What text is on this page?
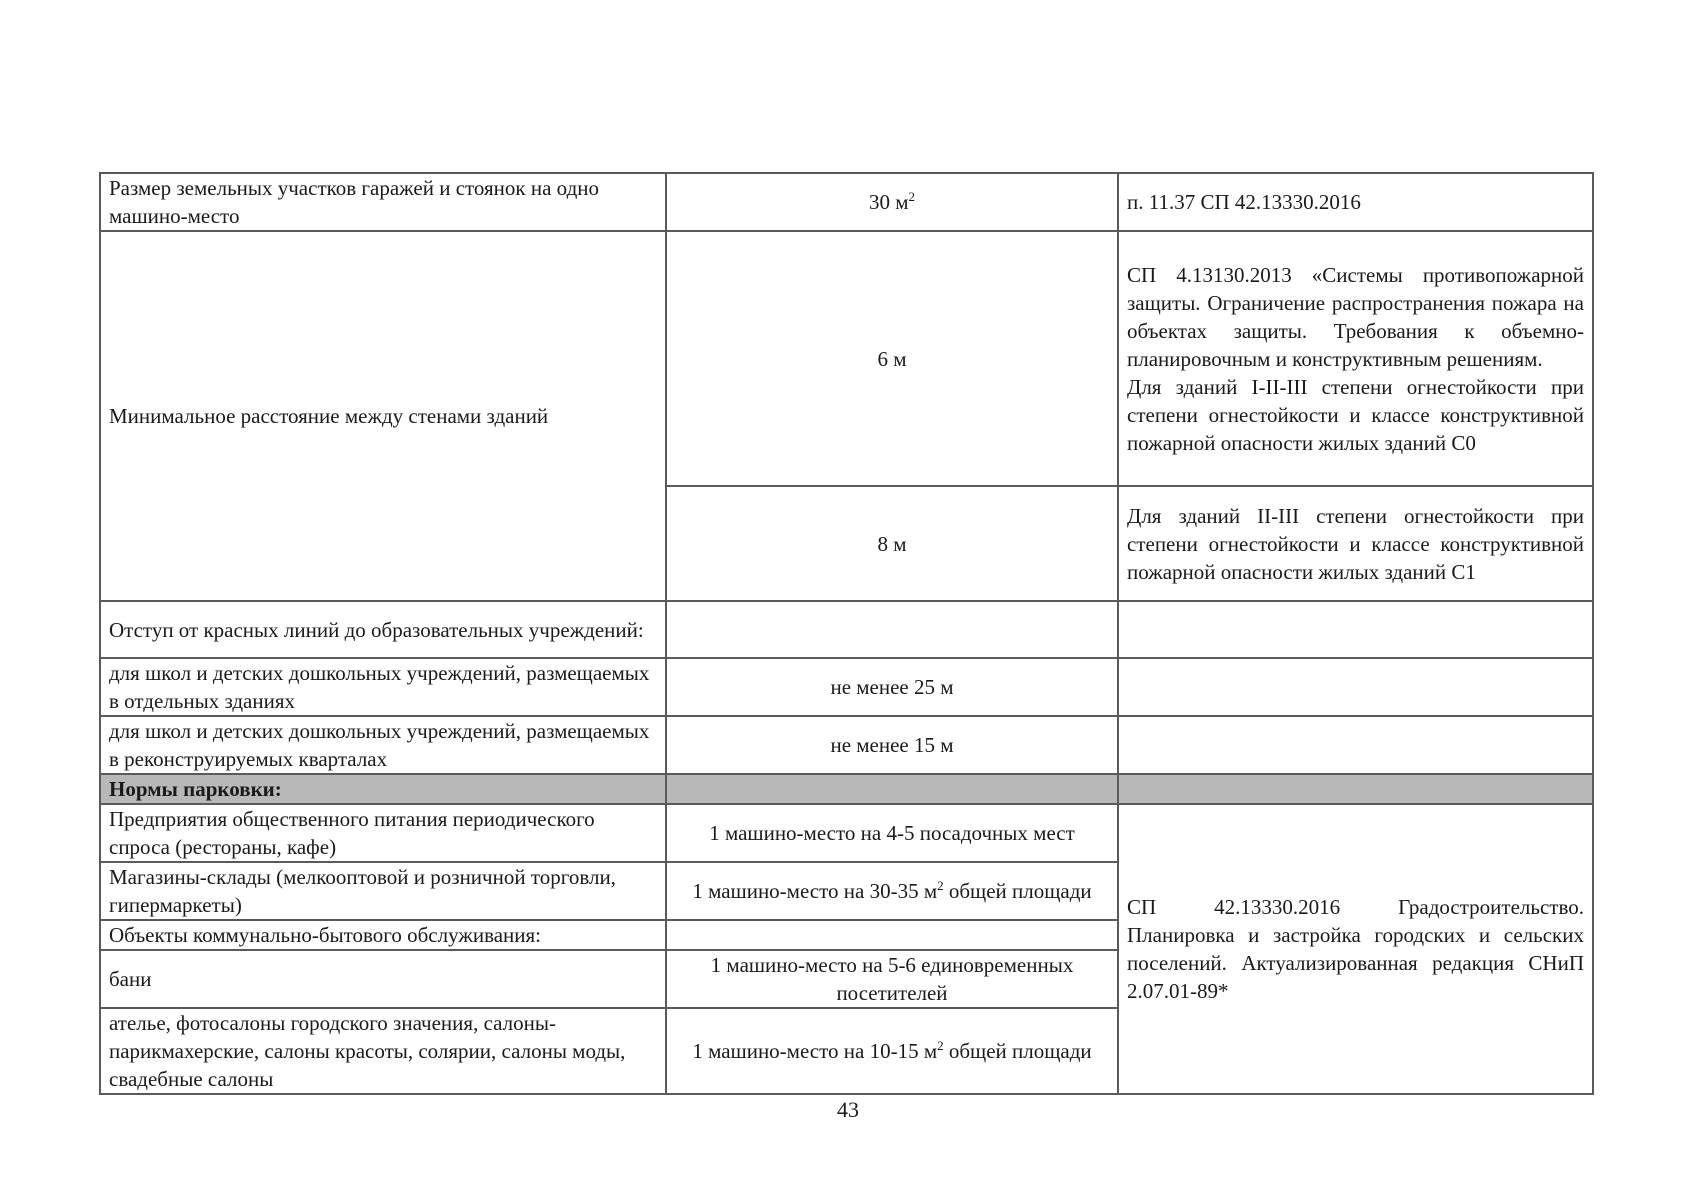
Размер земельных участков гаражей и стоянок на одно машино-место	30 $м^2$	п. 11.37 СП 42.13330.2016
Минимальное расстояние между стенами зданий	6 м	СП 4.13130.2013 «Системы противопожарной защиты. Ограничение распространения пожара на объектах защиты. Требования к объемно-планировочным и конструктивным решениям.
Для зданий I-II-III степени огнестойкости при степени огнестойкости и классе конструктивной пожарной опасности жилых зданий С0

	8 м	Для зданий II-III степени огнестойкости при степени огнестойкости и классе конструктивной пожарной опасности жилых зданий С1

Отступ от красных линий до образовательных учреждений:		
для школ и детских дошкольных учреждений, размещаемых в отдельных зданиях	не менее 25 м	
для школ и детских дошкольных учреждений, размещаемых в реконструируемых кварталах	не менее 15 м	
Нормы парковки:		
Предприятия общественного питания периодического спроса (рестораны, кафе)	1 машино-место на 4-5 посадочных мест	СП 42.13330.2016 Градостроительство. Планировка и застройка городских и сельских поселений. Актуализированная редакция СНиП 2.07.01-89*

Магазины-склады (мелкооптовой и розничной торговли, гипермаркеты)	1 машино-место на 30-35 $м^2$ общей площади	
Объекты коммунально-бытового обслуживания:		
бани	1 машино-место на 5-6 единовременных посетителей	
ателье, фотосалоны городского значения, салоны-парикмахерские, салоны красоты, солярии, салоны моды, свадебные салоны	1 машино-место на 10-15 $м^2$ общей площади	
43
